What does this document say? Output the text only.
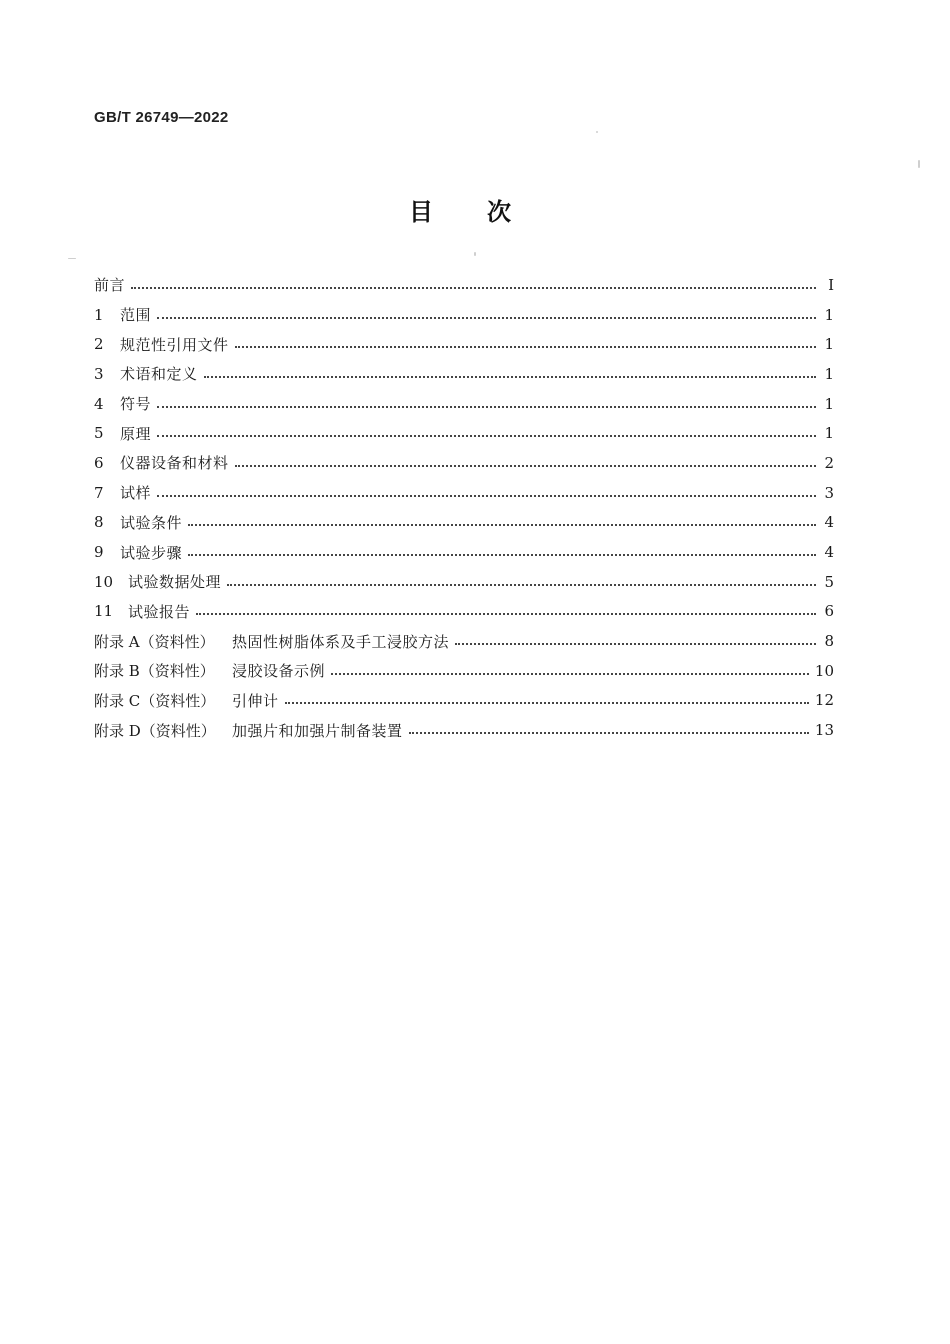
GB/T 26749—2022
目次
前言	Ⅰ
1	范围	1
2	规范性引用文件	1
3	术语和定义	1
4	符号	1
5	原理	1
6	仪器设备和材料	2
7	试样	3
8	试验条件	4
9	试验步骤	4
10 试验数据处理	5
11 试验报告	6
附录 A（资料性）	热固性树脂体系及手工浸胶方法	8
附录 B（资料性）	浸胶设备示例	10
附录 C（资料性）	引伸计	12
附录 D（资料性）	加强片和加强片制备装置	13
